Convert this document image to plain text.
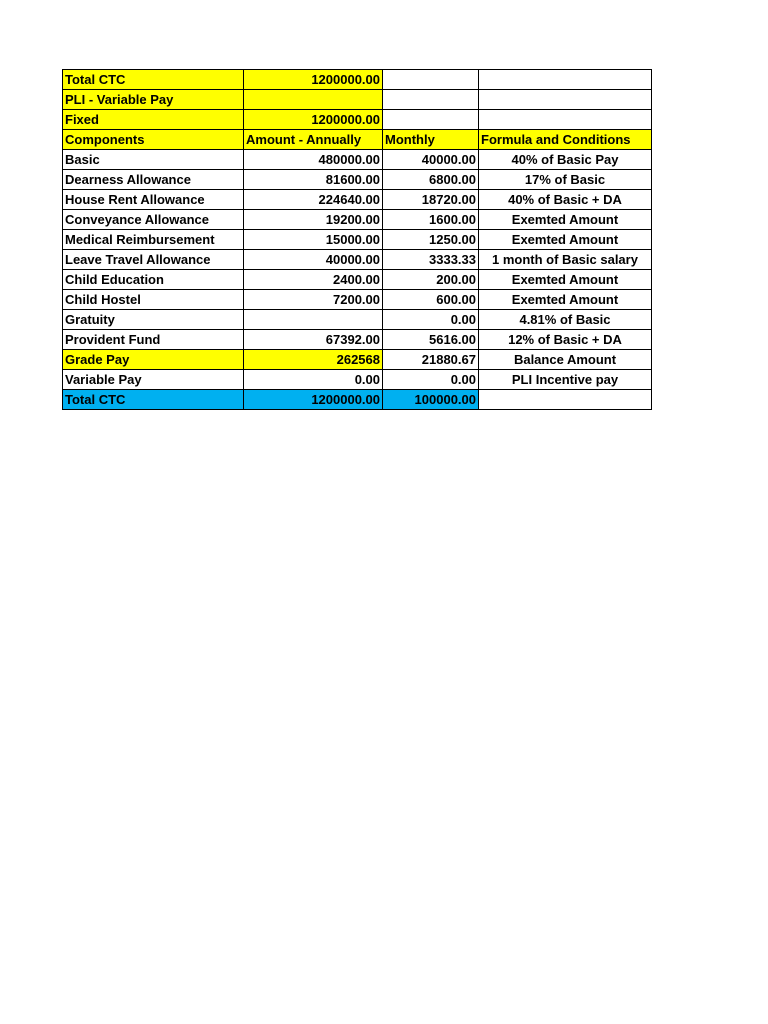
Total CTC	1200000.00		
PLI - Variable Pay			
Fixed	1200000.00		
Components	Amount - Annually	Monthly	Formula and Conditions
Basic	480000.00	40000.00	40% of Basic Pay
Dearness Allowance	81600.00	6800.00	17% of Basic
House Rent Allowance	224640.00	18720.00	40% of Basic + DA
Conveyance Allowance	19200.00	1600.00	Exemted Amount
Medical Reimbursement	15000.00	1250.00	Exemted Amount
Leave Travel Allowance	40000.00	3333.33	1 month of Basic salary
Child Education	2400.00	200.00	Exemted Amount
Child Hostel	7200.00	600.00	Exemted Amount
Gratuity		0.00	4.81% of Basic
Provident Fund	67392.00	5616.00	12% of Basic + DA
Grade Pay	262568	21880.67	Balance Amount
Variable Pay	0.00	0.00	PLI Incentive pay
Total CTC	1200000.00	100000.00	
